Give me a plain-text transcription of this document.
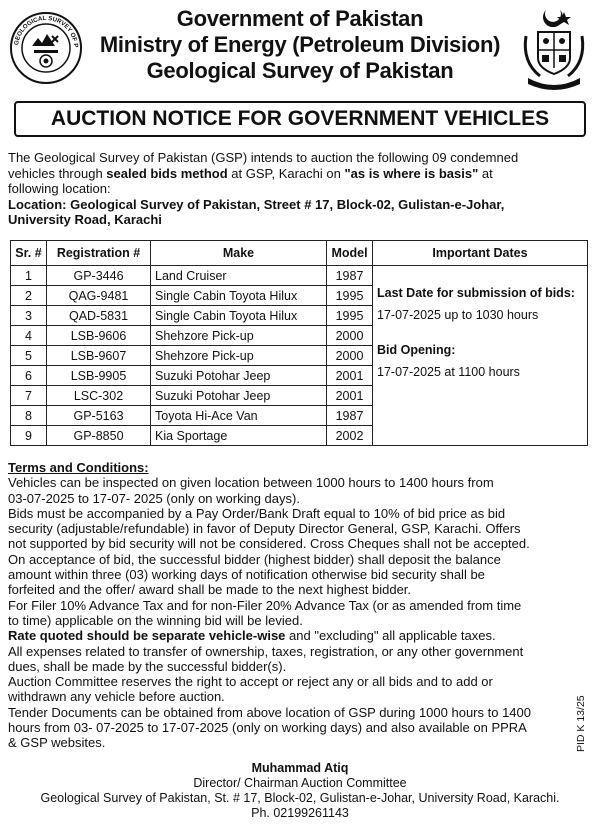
GEOLOGICAL SURVEY OF P
Government of Pakistan
Ministry of Energy (Petroleum Division)
Geological Survey of Pakistan
AUCTION NOTICE FOR GOVERNMENT VEHICLES
The Geological Survey of Pakistan (GSP) intends to auction the following 09 condemned
vehicles through sealed bids method at GSP, Karachi on "as is where is basis" at
following location:
Location: Geological Survey of Pakistan, Street # 17, Block-02, Gulistan-e-Johar,
University Road, Karachi
Sr. #	Registration #	Make	Model	Important Dates
1	GP-3446	Land Cruiser	1987	Last Date for submission of bids:
17-07-2025 up to 1030 hours
Bid Opening:
17-07-2025 at 1100 hours

2	QAG-9481	Single Cabin Toyota Hilux	1995	
3	QAD-5831	Single Cabin Toyota Hilux	1995	
4	LSB-9606	Shehzore Pick-up	2000	
5	LSB-9607	Shehzore Pick-up	2000	
6	LSB-9905	Suzuki Potohar Jeep	2001	
7	LSC-302	Suzuki Potohar Jeep	2001	
8	GP-5163	Toyota Hi-Ace Van	1987	
9	GP-8850	Kia Sportage	2002	
Terms and Conditions:
Vehicles can be inspected on given location between 1000 hours to 1400 hours from
03-07-2025 to 17-07- 2025 (only on working days).
Bids must be accompanied by a Pay Order/Bank Draft equal to 10% of bid price as bid
security (adjustable/refundable) in favor of Deputy Director General, GSP, Karachi. Offers
not supported by bid security will not be considered. Cross Cheques shall not be accepted.
On acceptance of bid, the successful bidder (highest bidder) shall deposit the balance
amount within three (03) working days of notification otherwise bid security shall be
forfeited and the offer/ award shall be made to the next highest bidder.
For Filer 10% Advance Tax and for non-Filer 20% Advance Tax (or as amended from time
to time) applicable on the winning bid will be levied.
Rate quoted should be separate vehicle-wise and "excluding" all applicable taxes.
All expenses related to transfer of ownership, taxes, registration, or any other government
dues, shall be made by the successful bidder(s).
Auction Committee reserves the right to accept or reject any or all bids and to add or
withdrawn any vehicle before auction.
Tender Documents can be obtained from above location of GSP during 1000 hours to 1400
hours from 03- 07-2025 to 17-07-2025 (only on working days) and also available on PPRA
& GSP websites.
Muhammad Atiq
Director/ Chairman Auction Committee
Geological Survey of Pakistan, St. # 17, Block-02, Gulistan-e-Johar, University Road, Karachi.
Ph. 02199261143
PID K 13/25
